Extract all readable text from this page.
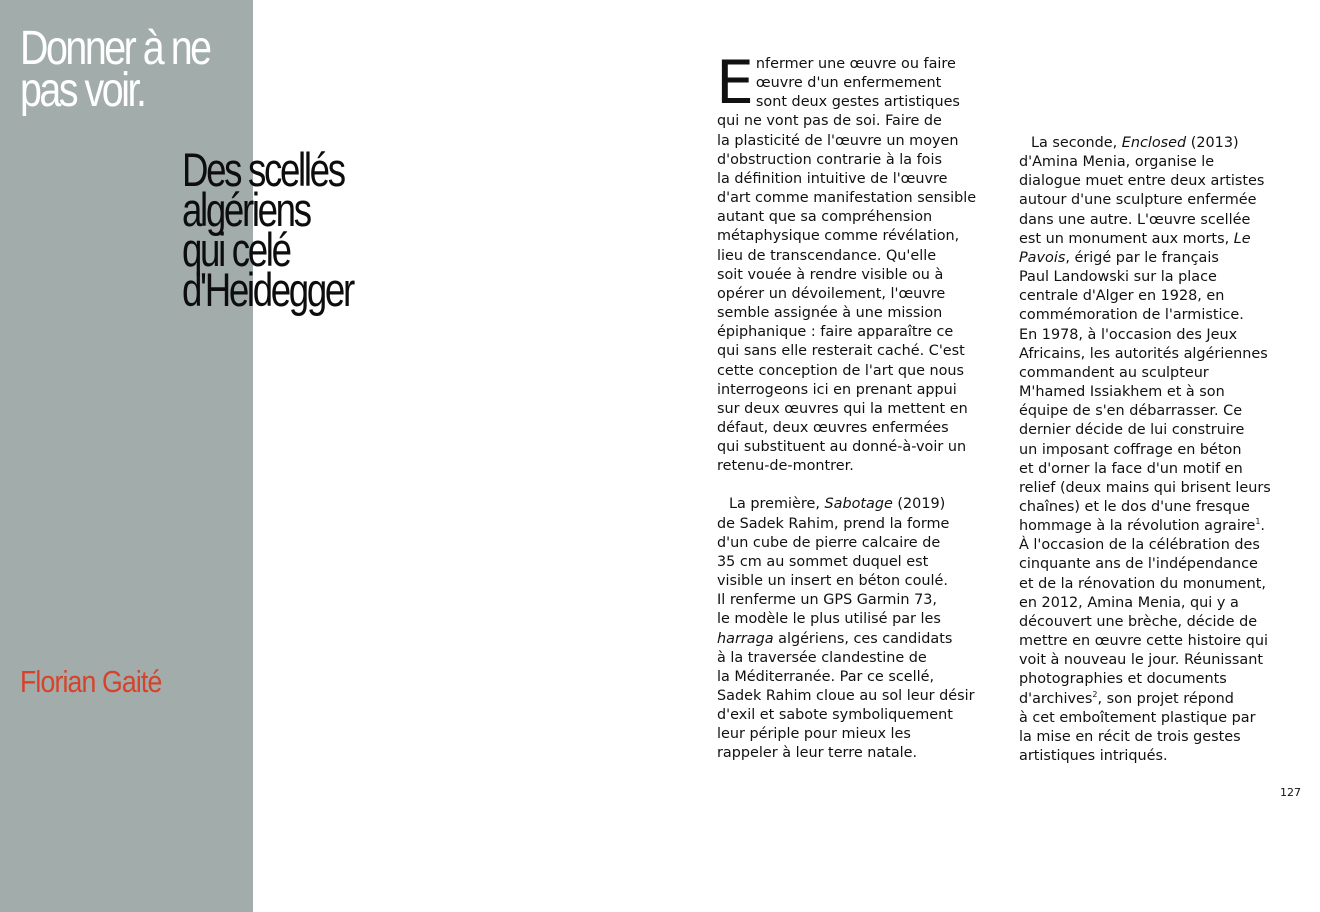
Donner à ne
pas voir.
Des scellés
algériens
qui celé
d'Heidegger
Florian Gaité
E nfermer une œuvre ou faire

œuvre d'un enfermement

sont deux gestes artistiques

qui ne vont pas de soi. Faire de

la plasticité de l'œuvre un moyen

d'obstruction contrarie à la fois

la définition intuitive de l'œuvre

d'art comme manifestation sensible

autant que sa compréhension

métaphysique comme révélation,

lieu de transcendance. Qu'elle

soit vouée à rendre visible ou à

opérer un dévoilement, l'œuvre

semble assignée à une mission

épiphanique : faire apparaître ce

qui sans elle resterait caché. C'est

cette conception de l'art que nous

interrogeons ici en prenant appui

sur deux œuvres qui la mettent en

défaut, deux œuvres enfermées

qui substituent au donné-à-voir un

retenu-de-montrer.

La première, Sabotage (2019)

de Sadek Rahim, prend la forme

d'un cube de pierre calcaire de

35 cm au sommet duquel est

visible un insert en béton coulé.

Il renferme un GPS Garmin 73,

le modèle le plus utilisé par les

harraga algériens, ces candidats

à la traversée clandestine de

la Méditerranée. Par ce scellé,

Sadek Rahim cloue au sol leur désir

d'exil et sabote symboliquement

leur périple pour mieux les

rappeler à leur terre natale.

La seconde, Enclosed (2013)

d'Amina Menia, organise le

dialogue muet entre deux artistes

autour d'une sculpture enfermée

dans une autre. L'œuvre scellée

est un monument aux morts, Le

Pavois, érigé par le français

Paul Landowski sur la place

centrale d'Alger en 1928, en

commémoration de l'armistice.

En 1978, à l'occasion des Jeux

Africains, les autorités algériennes

commandent au sculpteur

M'hamed Issiakhem et à son

équipe de s'en débarrasser. Ce

dernier décide de lui construire

un imposant coffrage en béton

et d'orner la face d'un motif en

relief (deux mains qui brisent leurs

chaînes) et le dos d'une fresque

hommage à la révolution agraire$^1$.

À l'occasion de la célébration des

cinquante ans de l'indépendance

et de la rénovation du monument,

en 2012, Amina Menia, qui y a

découvert une brèche, décide de

mettre en œuvre cette histoire qui

voit à nouveau le jour. Réunissant

photographies et documents

d'archives$^2$, son projet répond

à cet emboîtement plastique par

la mise en récit de trois gestes

artistiques intriqués.

127
